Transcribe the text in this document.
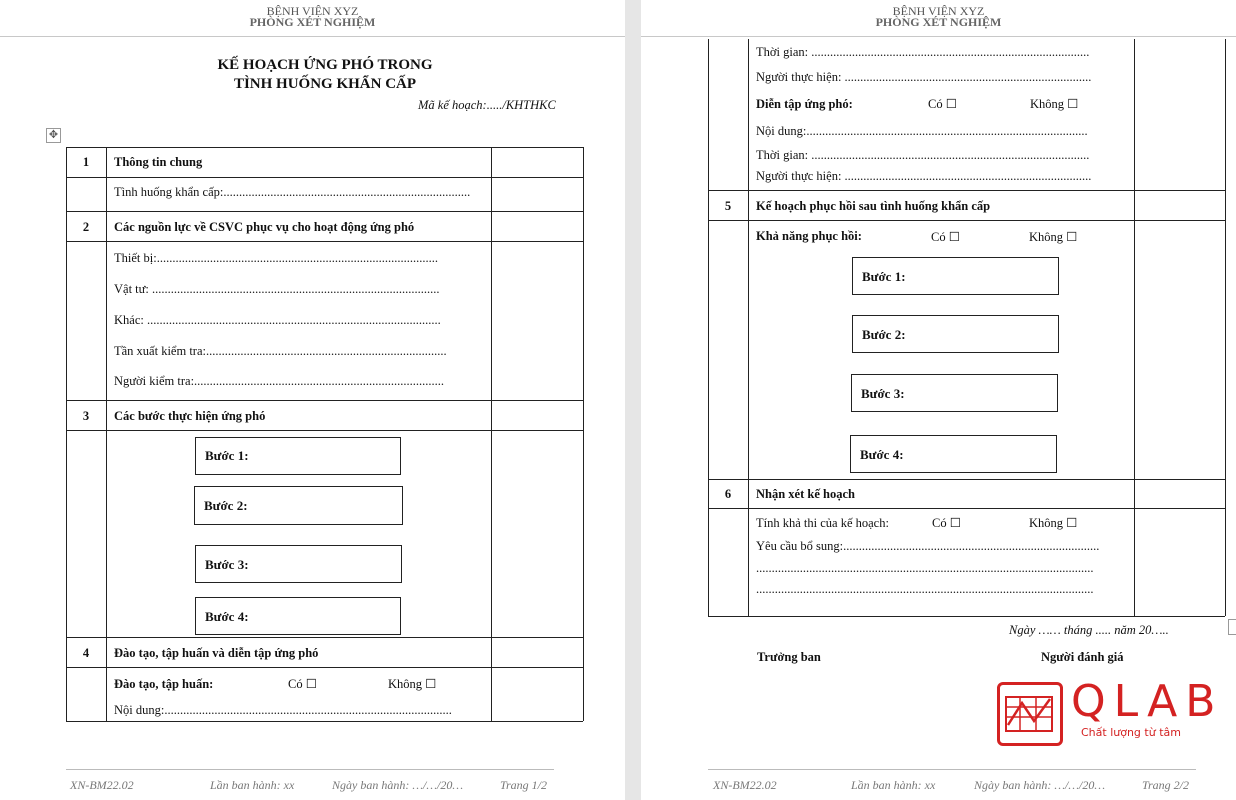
BỆNH VIỆN XYZ
PHÒNG XÉT NGHIỆM
KẾ HOẠCH ỨNG PHÓ TRONG
TÌNH HUỐNG KHẨN CẤP
Mã kế hoạch:...../KHTHKC
✥
1	Thông tin chung
Tình huống khẩn cấp:...............................................................................
2	Các nguồn lực về CSVC phục vụ cho hoạt động ứng phó
Thiết bị:..........................................................................................
Vật tư: ............................................................................................
Khác: ..............................................................................................
Tần xuất kiểm tra:.............................................................................
Người kiểm tra:................................................................................
3	Các bước thực hiện ứng phó
Bước 1:
Bước 2:
Bước 3:
Bước 4:
4	Đào tạo, tập huấn và diễn tập ứng phó
Đào tạo, tập huấn:	Có ☐	Không ☐
Nội dung:............................................................................................
XN-BM22.02	Lần ban hành: xx	Ngày ban hành: …/…/20…	Trang 1/2
BỆNH VIỆN XYZ
PHÒNG XÉT NGHIỆM
Thời gian: .........................................................................................
Người thực hiện: ...............................................................................
Diễn tập ứng phó:	Có ☐	Không ☐
Nội dung:..........................................................................................
Thời gian: .........................................................................................
Người thực hiện: ...............................................................................
5	Kế hoạch phục hồi sau tình huống khẩn cấp
Khả năng phục hồi:	Có ☐	Không ☐
Bước 1:
Bước 2:
Bước 3:
Bước 4:
6	Nhận xét kế hoạch
Tính khả thi của kế hoạch:	Có ☐	Không ☐
Yêu cầu bổ sung:..................................................................................
............................................................................................................
............................................................................................................
Ngày …… tháng ..... năm 20…..
Trưởng ban	Người đánh giá
QLAB
Chất lượng từ tâm
XN-BM22.02	Lần ban hành: xx	Ngày ban hành: …/…/20…	Trang 2/2
